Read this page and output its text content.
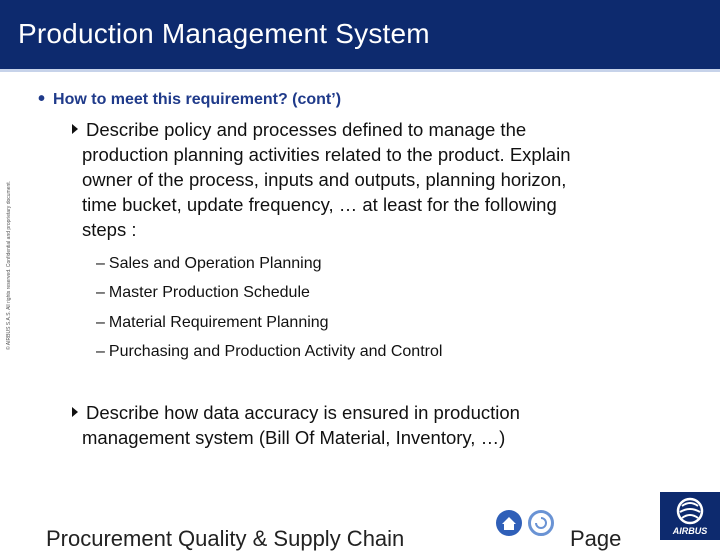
Production Management System
• How to meet this requirement? (cont’)
Describe policy and processes defined to manage the
production planning activities related to the product. Explain
owner of the process, inputs and outputs, planning horizon,
time bucket, update frequency, … at least for the following
steps :
– Sales and Operation Planning
– Master Production Schedule
– Material Requirement Planning
– Purchasing and Production Activity and Control
Describe how data accuracy is ensured in production
management system (Bill Of Material, Inventory, …)
© AIRBUS S.A.S. All rights reserved. Confidential and proprietary document.
Procurement Quality & Supply Chain	Page	AIRBUS
